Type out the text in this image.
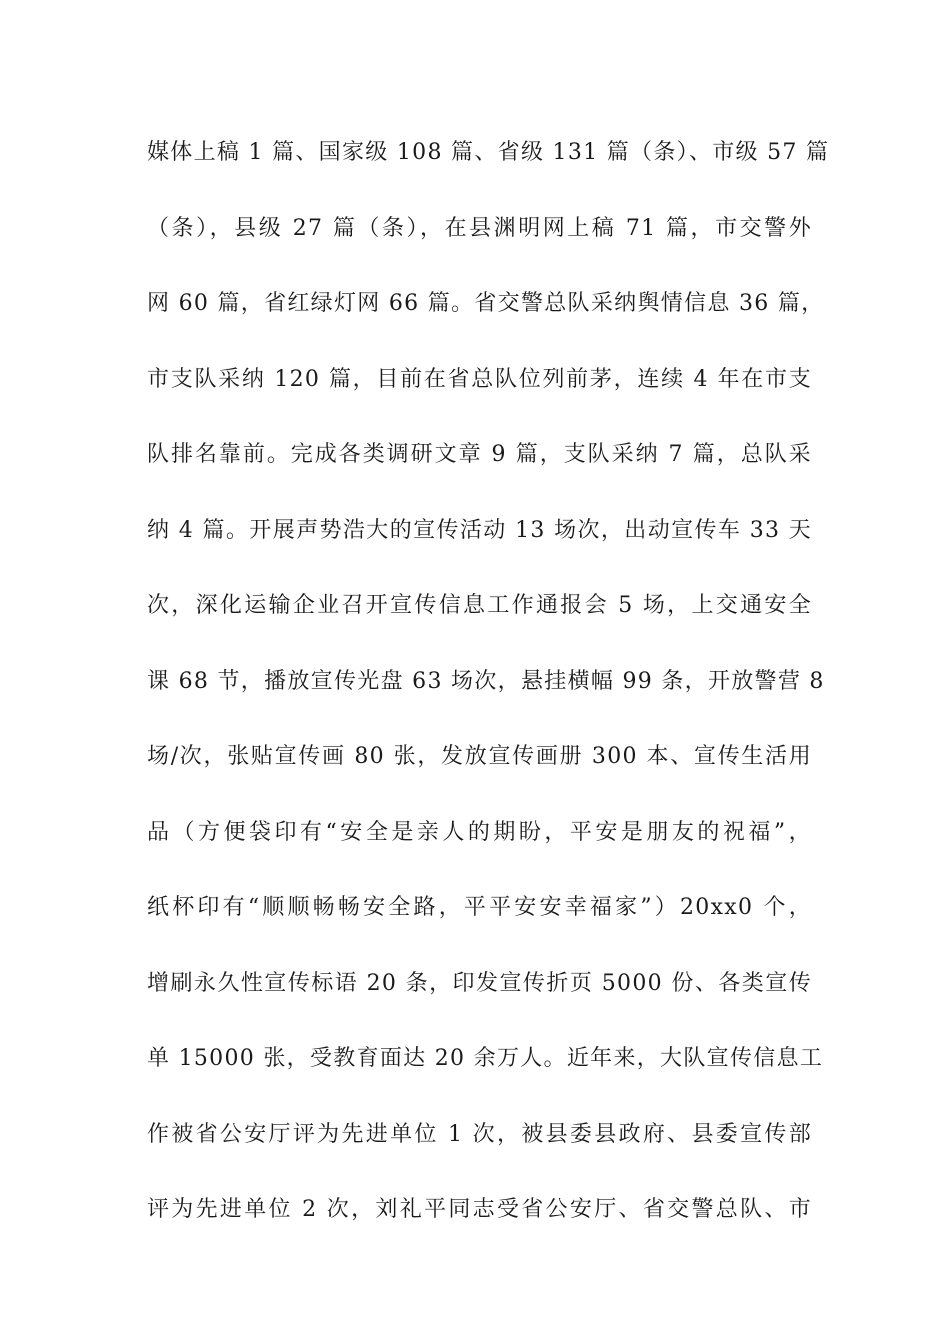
媒体上稿 1 篇、国家级 108 篇、省级 131 篇（条）、市级 57 篇
（条），县级 27 篇（条），在县渊明网上稿 71 篇，市交警外
网 60 篇，省红绿灯网 66 篇。省交警总队采纳舆情信息 36 篇，
市支队采纳 120 篇，目前在省总队位列前茅，连续 4 年在市支
队排名靠前。完成各类调研文章 9 篇，支队采纳 7 篇，总队采
纳 4 篇。开展声势浩大的宣传活动 13 场次，出动宣传车 33 天
次，深化运输企业召开宣传信息工作通报会 5 场，上交通安全
课 68 节，播放宣传光盘 63 场次，悬挂横幅 99 条，开放警营 8
场/次，张贴宣传画 80 张，发放宣传画册 300 本、宣传生活用
品（方便袋印有“安全是亲人的期盼，平安是朋友的祝福”，
纸杯印有“顺顺畅畅安全路，平平安安幸福家”）20xx0 个，
增刷永久性宣传标语 20 条，印发宣传折页 5000 份、各类宣传
单 15000 张，受教育面达 20 余万人。近年来，大队宣传信息工
作被省公安厅评为先进单位 1 次，被县委县政府、县委宣传部
评为先进单位 2 次，刘礼平同志受省公安厅、省交警总队、市
